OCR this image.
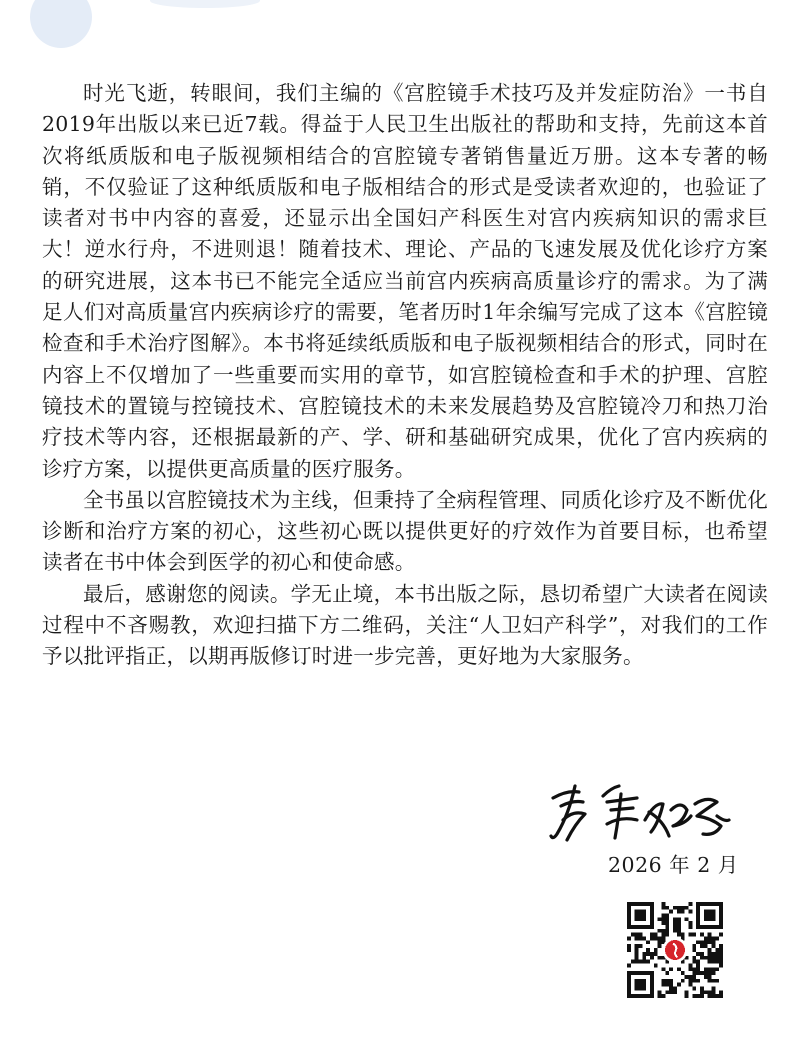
时光飞逝，转眼间，我们主编的《宫腔镜手术技巧及并发症防治》一书自2019年出版以来已近7载。得益于人民卫生出版社的帮助和支持，先前这本首次将纸质版和电子版视频相结合的宫腔镜专著销售量近万册。这本专著的畅销，不仅验证了这种纸质版和电子版相结合的形式是受读者欢迎的，也验证了读者对书中内容的喜爱，还显示出全国妇产科医生对宫内疾病知识的需求巨大！逆水行舟，不进则退！随着技术、理论、产品的飞速发展及优化诊疗方案的研究进展，这本书已不能完全适应当前宫内疾病高质量诊疗的需求。为了满足人们对高质量宫内疾病诊疗的需要，笔者历时1年余编写完成了这本《宫腔镜检查和手术治疗图解》。本书将延续纸质版和电子版视频相结合的形式，同时在内容上不仅增加了一些重要而实用的章节，如宫腔镜检查和手术的护理、宫腔镜技术的置镜与控镜技术、宫腔镜技术的未来发展趋势及宫腔镜冷刀和热刀治疗技术等内容，还根据最新的产、学、研和基础研究成果，优化了宫内疾病的诊疗方案，以提供更高质量的医疗服务。

全书虽以宫腔镜技术为主线，但秉持了全病程管理、同质化诊疗及不断优化诊断和治疗方案的初心，这些初心既以提供更好的疗效作为首要目标，也希望读者在书中体会到医学的初心和使命感。

最后，感谢您的阅读。学无止境，本书出版之际，恳切希望广大读者在阅读过程中不吝赐教，欢迎扫描下方二维码，关注“人卫妇产科学”，对我们的工作予以批评指正，以期再版修订时进一步完善，更好地为大家服务。

2026 年 2 月
